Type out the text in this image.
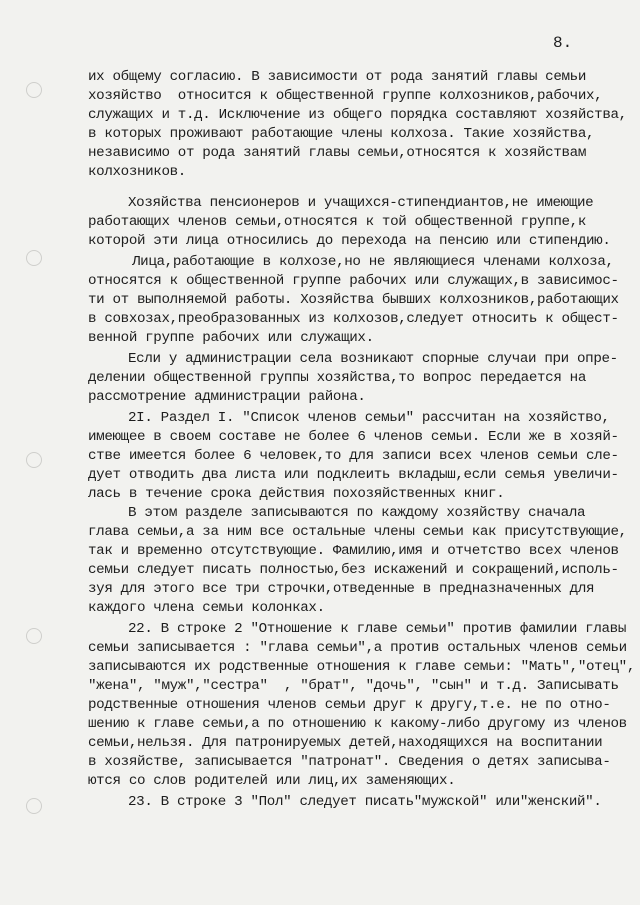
8.
их общему согласию. В зависимости от рода занятий главы семьи
хозяйство  относится к общественной группе колхозников,рабочих,
служащих и т.д. Исключение из общего порядка составляют хозяйства,
в которых проживают работающие члены колхоза. Такие хозяйства,
независимо от рода занятий главы семьи,относятся к хозяйствам
колхозников.
Хозяйства пенсионеров и учащихся-стипендиантов,не имеющие
работающих членов семьи,относятся к той общественной группе,к
которой эти лица относились до перехода на пенсию или стипендию.
Лица,работающие в колхозе,но не являющиеся членами колхоза,
относятся к общественной группе рабочих или служащих,в зависимос-
ти от выполняемой работы. Хозяйства бывших колхозников,работающих
в совхозах,преобразованных из колхозов,следует относить к общест-
венной группе рабочих или служащих.
Если у администрации села возникают спорные случаи при опре-
делении общественной группы хозяйства,то вопрос передается на
рассмотрение администрации района.
2I. Раздел I. "Список членов семьи" рассчитан на хозяйство,
имеющее в своем составе не более 6 членов семьи. Если же в хозяй-
стве имеется более 6 человек,то для записи всех членов семьи сле-
дует отводить два листа или подклеить вкладыш,если семья увеличи-
лась в течение срока действия похозяйственных книг.
В этом разделе записываются по каждому хозяйству сначала
глава семьи,а за ним все остальные члены семьи как присутствующие,
так и временно отсутствующие. Фамилию,имя и отчетство всех членов
семьи следует писать полностью,без искажений и сокращений,исполь-
зуя для этого все три строчки,отведенные в предназначенных для
каждого члена семьи колонках.
22. В строке 2 "Отношение к главе семьи" против фамилии главы
семьи записывается : "глава семьи",а против остальных членов семьи
записываются их родственные отношения к главе семьи: "Мать","отец",
"жена", "муж","сестра"  , "брат", "дочь", "сын" и т.д. Записывать
родственные отношения членов семьи друг к другу,т.е. не по отно-
шению к главе семьи,а по отношению к какому-либо другому из членов
семьи,нельзя. Для патронируемых детей,находящихся на воспитании
в хозяйстве, записывается "патронат". Сведения о детях записыва-
ются со слов родителей или лиц,их заменяющих.
23. В строке 3 "Пол" следует писать"мужской" или"женский".
